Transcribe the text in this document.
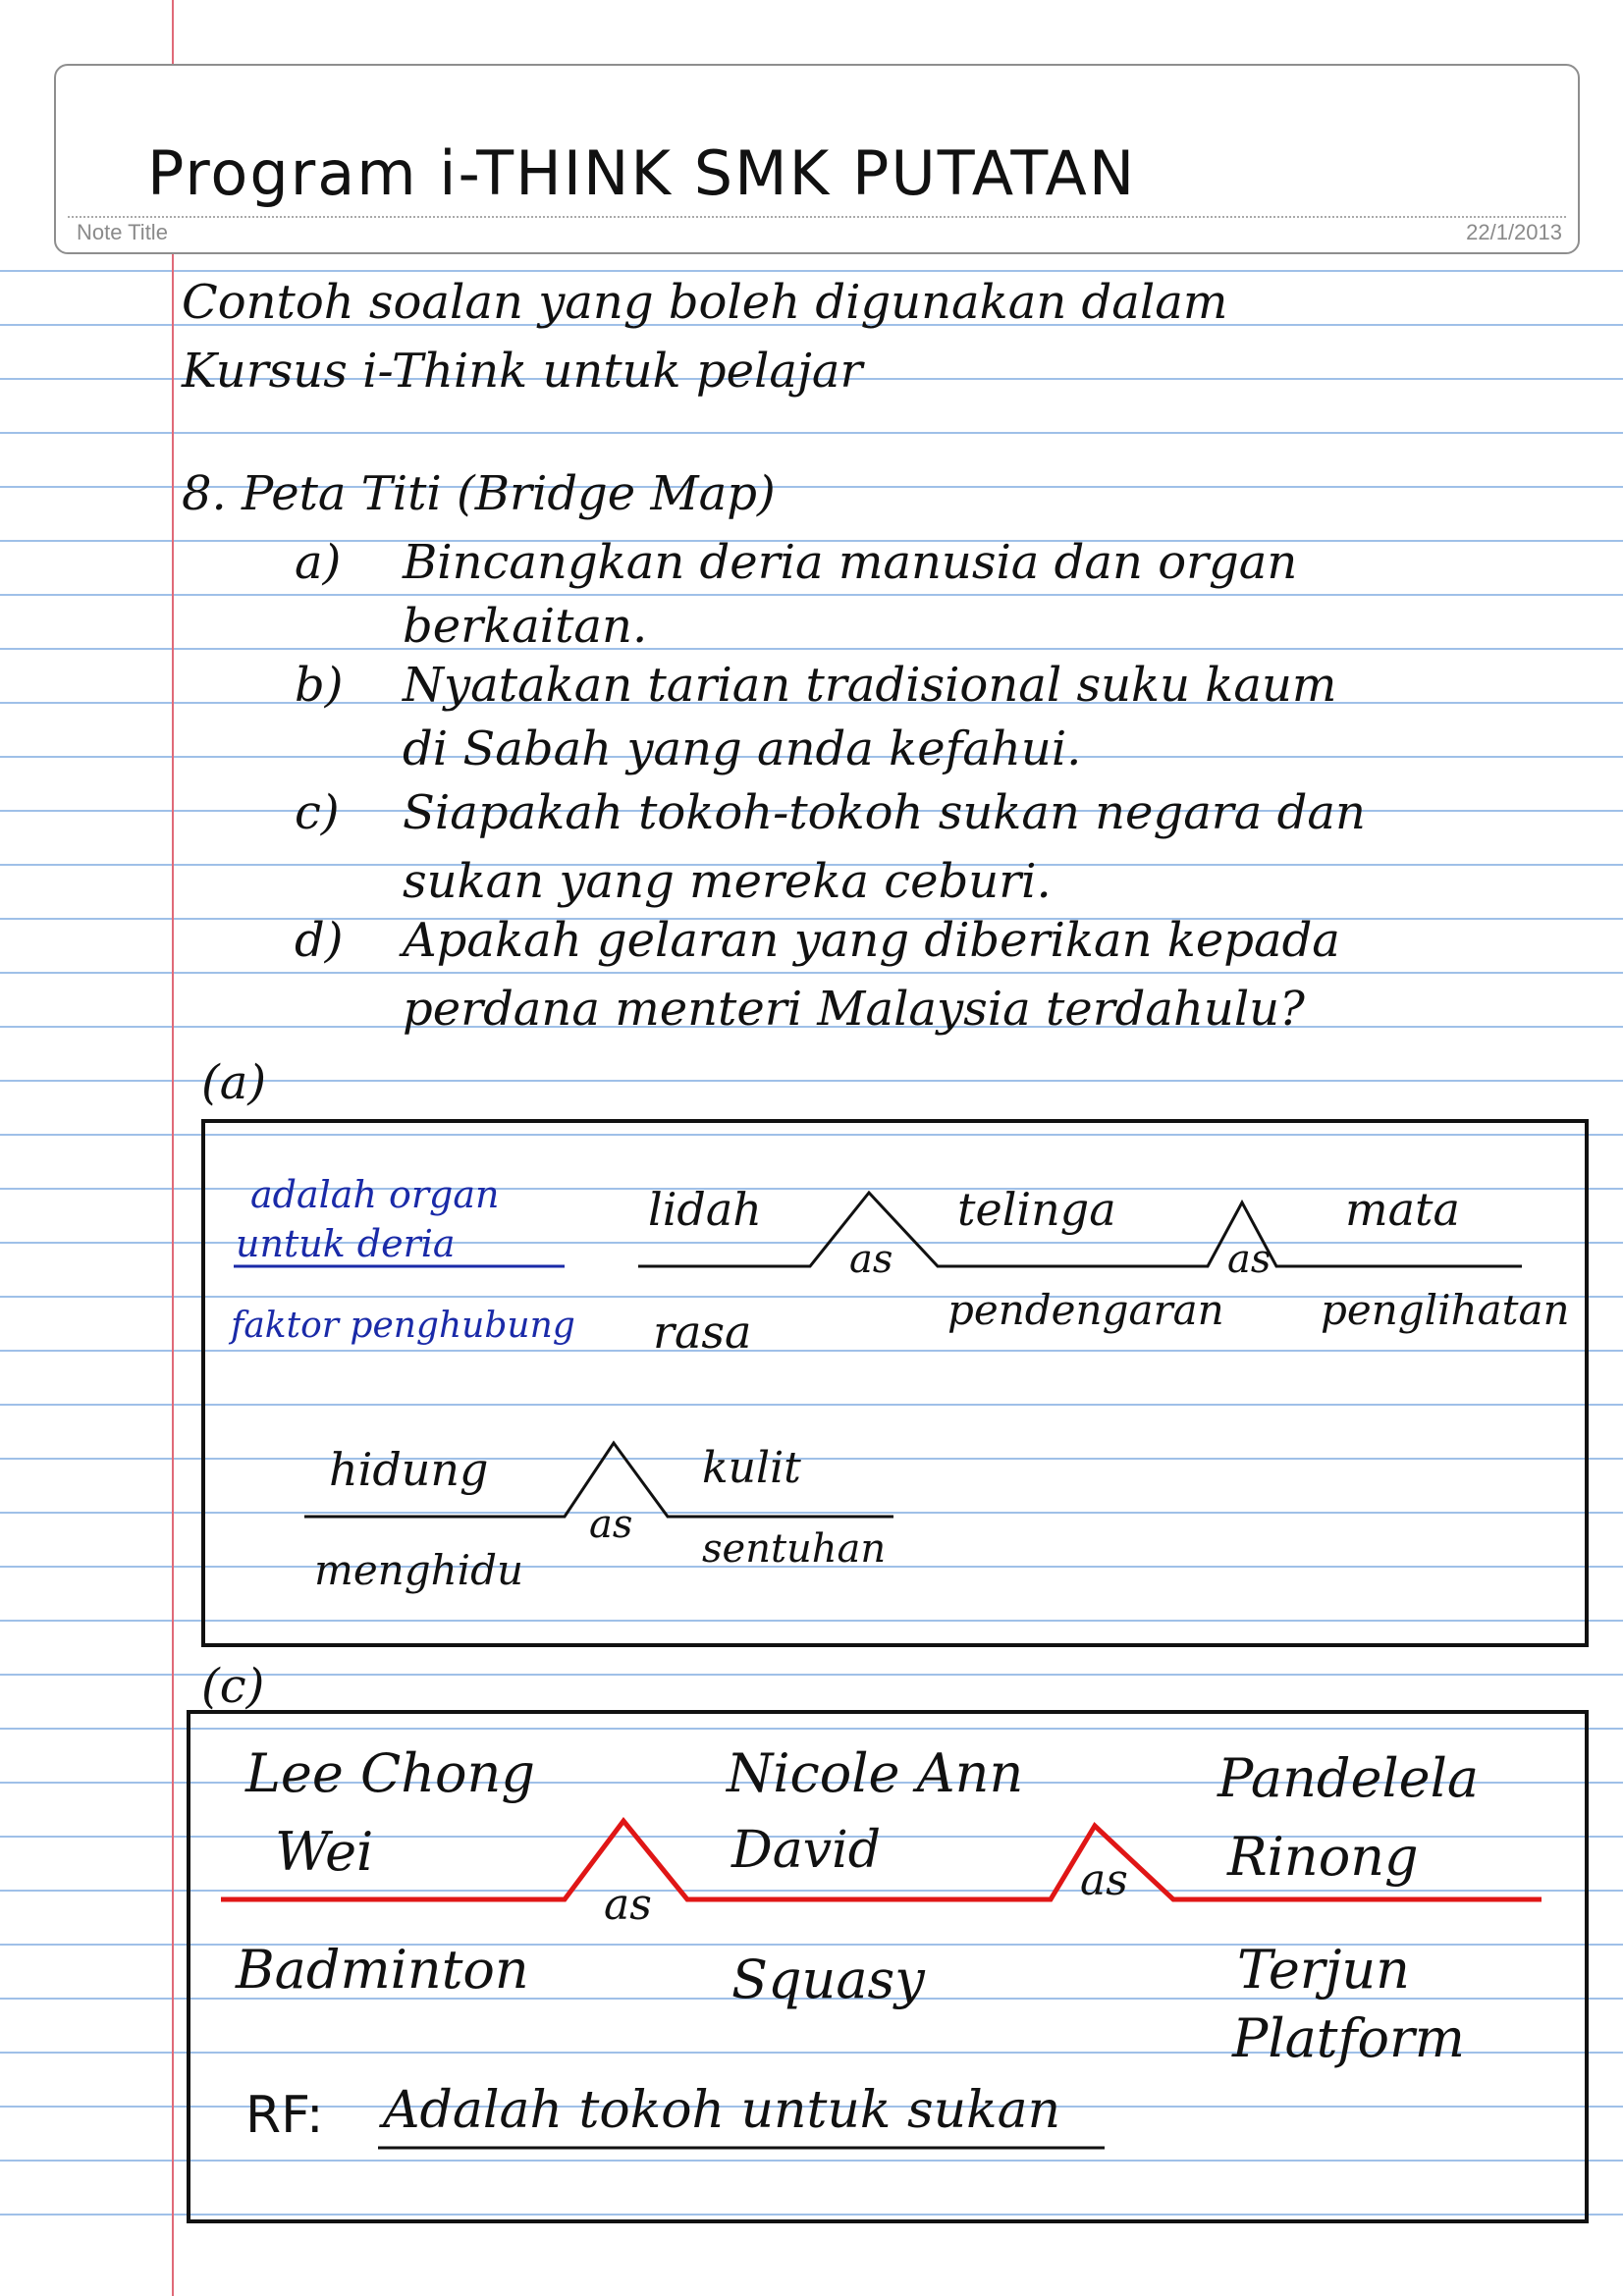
Program i-THINK SMK PUTATAN
Note Title	22/1/2013
Contoh soalan yang boleh digunakan dalam
Kursus i-Think untuk pelajar
8. Peta Titi (Bridge Map)
a) Bincangkan deria manusia dan organ
berkaitan.
b) Nyatakan tarian tradisional suku kaum
di Sabah yang anda kefahui.
c) Siapakah tokoh-tokoh sukan negara dan
sukan yang mereka ceburi.
d) Apakah gelaran yang diberikan kepada
perdana menteri Malaysia terdahulu?
(a)
adalah organ
untuk deria
faktor penghubung
lidah
rasa
as
telinga
pendengaran
as
mata
penglihatan
hidung
menghidu
as
kulit
sentuhan
(c)
Lee Chong
Wei
Badminton
as
Nicole Ann
David
Squasy
as
Pandelela
Rinong
Terjun
Platform
RF: Adalah tokoh untuk sukan
